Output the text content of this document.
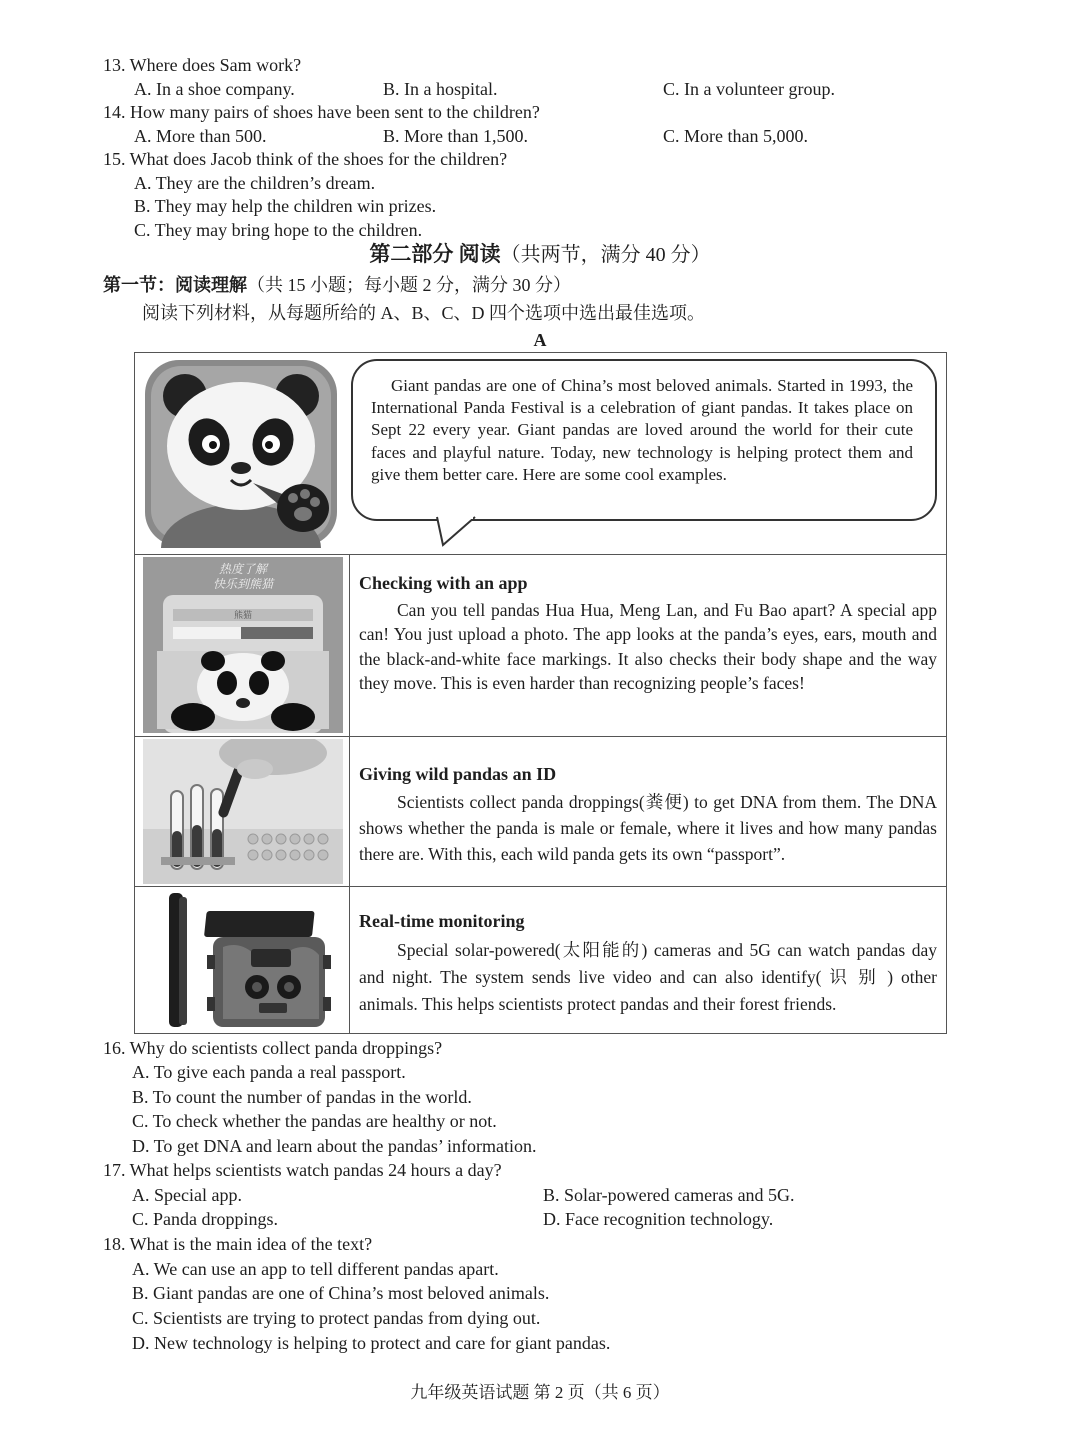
13. Where does Sam work?
A. In a shoe company.	B. In a hospital.	C. In a volunteer group.
14. How many pairs of shoes have been sent to the children?
A. More than 500.	B. More than 1,500.	C. More than 5,000.
15. What does Jacob think of the shoes for the children?
A. They are the children’s dream.
B. They may help the children win prizes.
C. They may bring hope to the children.
第二部分 阅读（共两节，满分 40 分）
第一节：阅读理解（共 15 小题；每小题 2 分，满分 30 分）
阅读下列材料，从每题所给的 A、B、C、D 四个选项中选出最佳选项。
A

Giant pandas are one of China’s most beloved animals. Started in 1993, the International Panda Festival is a celebration of giant pandas. It takes place on Sept 22 every year. Giant pandas are loved around the world for their cute faces and playful nature. Today, new technology is helping protect them and give them better care. Here are some cool examples.

热度了解
快乐到熊猫
熊猫
Checking with an app

Can you tell pandas Hua Hua, Meng Lan, and Fu Bao apart? A special app can! You just upload a photo. The app looks at the panda’s eyes, ears, mouth and the black-and-white face markings. It also checks their body shape and the way they move. This is even harder than recognizing people’s faces!

Giving wild pandas an ID

Scientists collect panda droppings(粪便) to get DNA from them. The DNA shows whether the panda is male or female, where it lives and how many pandas there are. With this, each wild panda gets its own “passport”.

Real-time monitoring

Special solar-powered(太阳能的) cameras and 5G can watch pandas day and night. The system sends live video and can also identify( 识 别 ) other animals. This helps scientists protect pandas and their forest friends.

16. Why do scientists collect panda droppings?
A. To give each panda a real passport.
B. To count the number of pandas in the world.
C. To check whether the pandas are healthy or not.
D. To get DNA and learn about the pandas’ information.
17. What helps scientists watch pandas 24 hours a day?
A. Special app.	B. Solar-powered cameras and 5G.
C. Panda droppings.	D. Face recognition technology.
18. What is the main idea of the text?
A. We can use an app to tell different pandas apart.
B. Giant pandas are one of China’s most beloved animals.
C. Scientists are trying to protect pandas from dying out.
D. New technology is helping to protect and care for giant pandas.
九年级英语试题 第 2 页（共 6 页）
